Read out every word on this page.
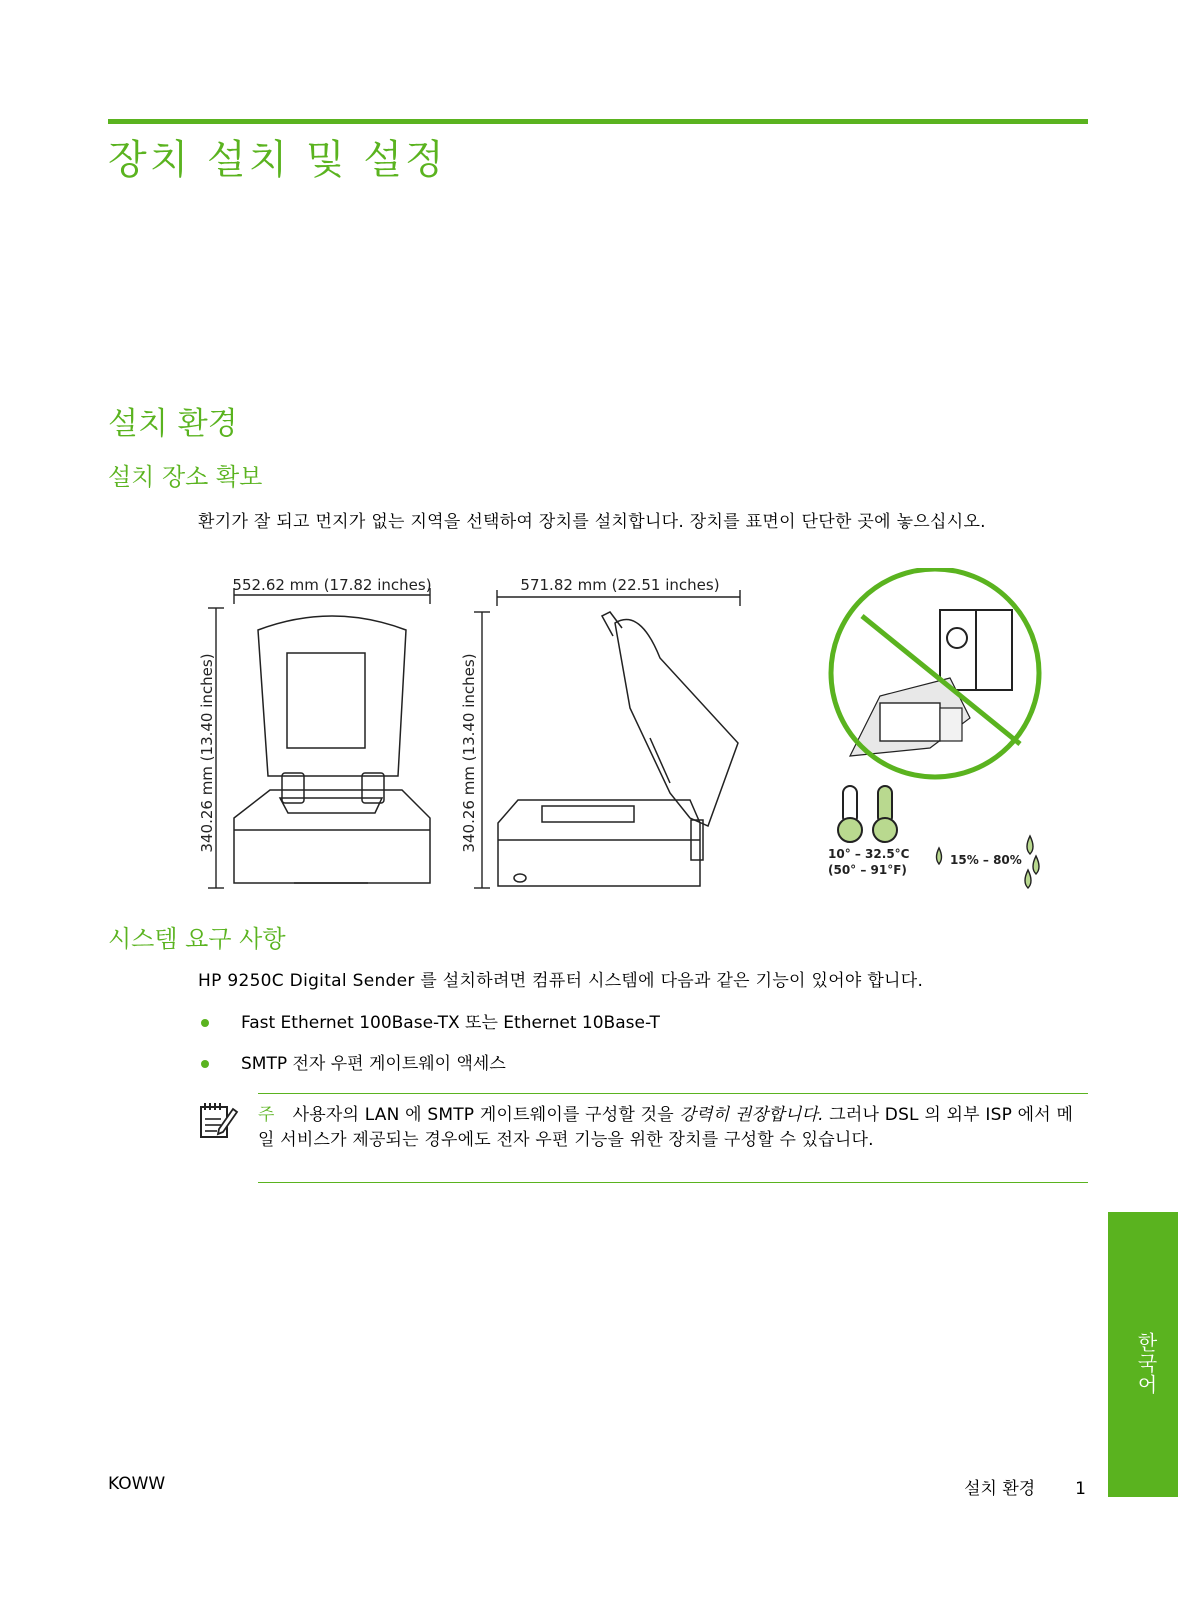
장치 설치 및 설정
설치 환경
설치 장소 확보
환기가 잘 되고 먼지가 없는 지역을 선택하여 장치를 설치합니다. 장치를 표면이 단단한 곳에 놓으십시오.
552.62 mm (17.82 inches)	571.82 mm (22.51 inches)
340.26 mm (13.40 inches)	340.26 mm (13.40 inches)
10° – 32.5°C
(50° – 91°F)
15% – 80%
시스템 요구 사항
HP 9250C Digital Sender 를 설치하려면 컴퓨터 시스템에 다음과 같은 기능이 있어야 합니다.
Fast Ethernet 100Base-TX 또는 Ethernet 10Base-T
SMTP 전자 우편 게이트웨이 액세스
주 사용자의 LAN 에 SMTP 게이트웨이를 구성할 것을 강력히 권장합니다. 그러나 DSL 의 외부 ISP 에서 메일 서비스가 제공되는 경우에도 전자 우편 기능을 위한 장치를 구성할 수 있습니다.
한국어
KOWW	설치 환경 1
